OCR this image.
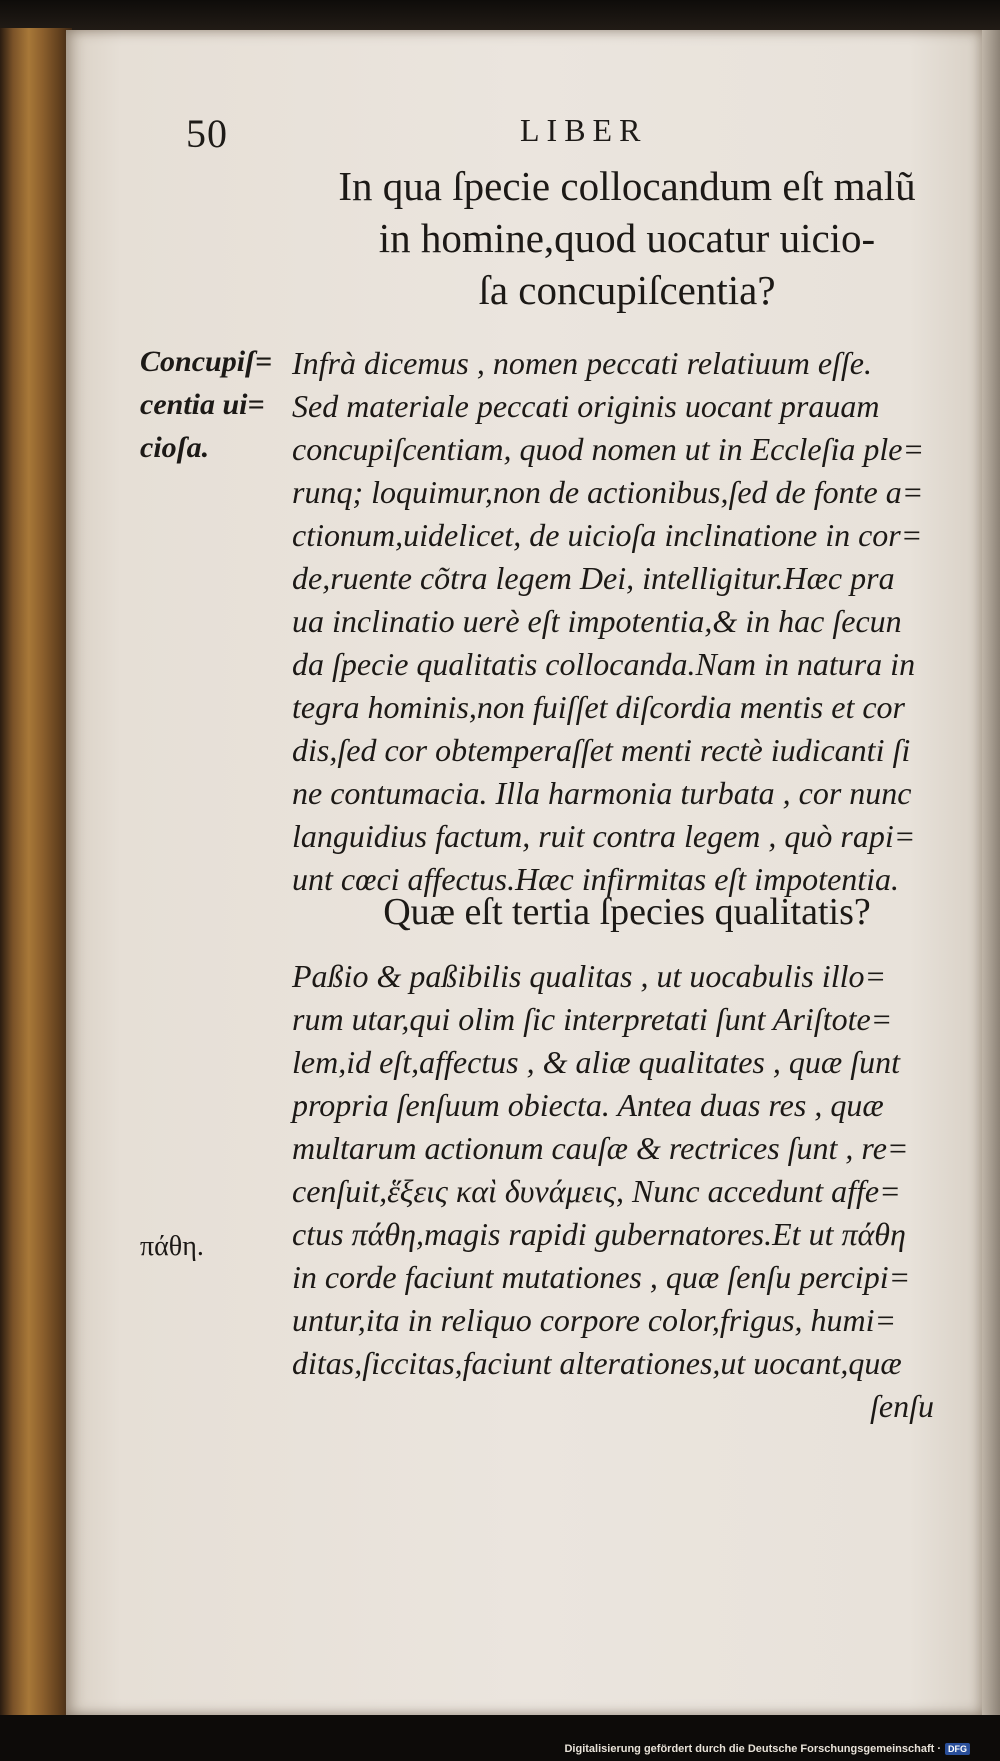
50	LIBER
In qua ſpecie collocandum eſt malũ
in homine,quod uocatur uicio-
ſa concupiſcentia?
Concupiſ=
centia ui=
cioſa.
Infrà dicemus , nomen peccati relatiuum eſſe.
Sed materiale peccati originis uocant prauam
concupiſcentiam, quod nomen ut in Eccleſia ple=
runq; loquimur,non de actionibus,ſed de fonte a=
ctionum,uidelicet, de uicioſa inclinatione in cor=
de,ruente cõtra legem Dei, intelligitur.Hæc pra
ua inclinatio uerè eſt impotentia,& in hac ſecun
da ſpecie qualitatis collocanda.Nam in natura in
tegra hominis,non fuiſſet diſcordia mentis et cor
dis,ſed cor obtemperaſſet menti rectè iudicanti ſi
ne contumacia. Illa harmonia turbata , cor nunc
languidius factum, ruit contra legem , quò rapi=
unt cœci affectus.Hæc infirmitas eſt impotentia.
Quæ eſt tertia ſpecies qualitatis?
Paßio & paßibilis qualitas , ut uocabulis illo=
rum utar,qui olim ſic interpretati ſunt Ariſtote=
lem,id eſt,affectus , & aliæ qualitates , quæ ſunt
propria ſenſuum obiecta. Antea duas res , quæ
multarum actionum cauſæ & rectrices ſunt , re=
cenſuit,ἕξεις καὶ δυνάμεις, Nunc accedunt affe=
ctus πάθη,magis rapidi gubernatores.Et ut πάθη
in corde faciunt mutationes , quæ ſenſu percipi=
untur,ita in reliquo corpore color,frigus, humi=
ditas,ſiccitas,faciunt alterationes,ut uocant,quæ
ſenſu
πάθη.
Digitalisierung gefördert durch die Deutsche Forschungsgemeinschaft · DFG
